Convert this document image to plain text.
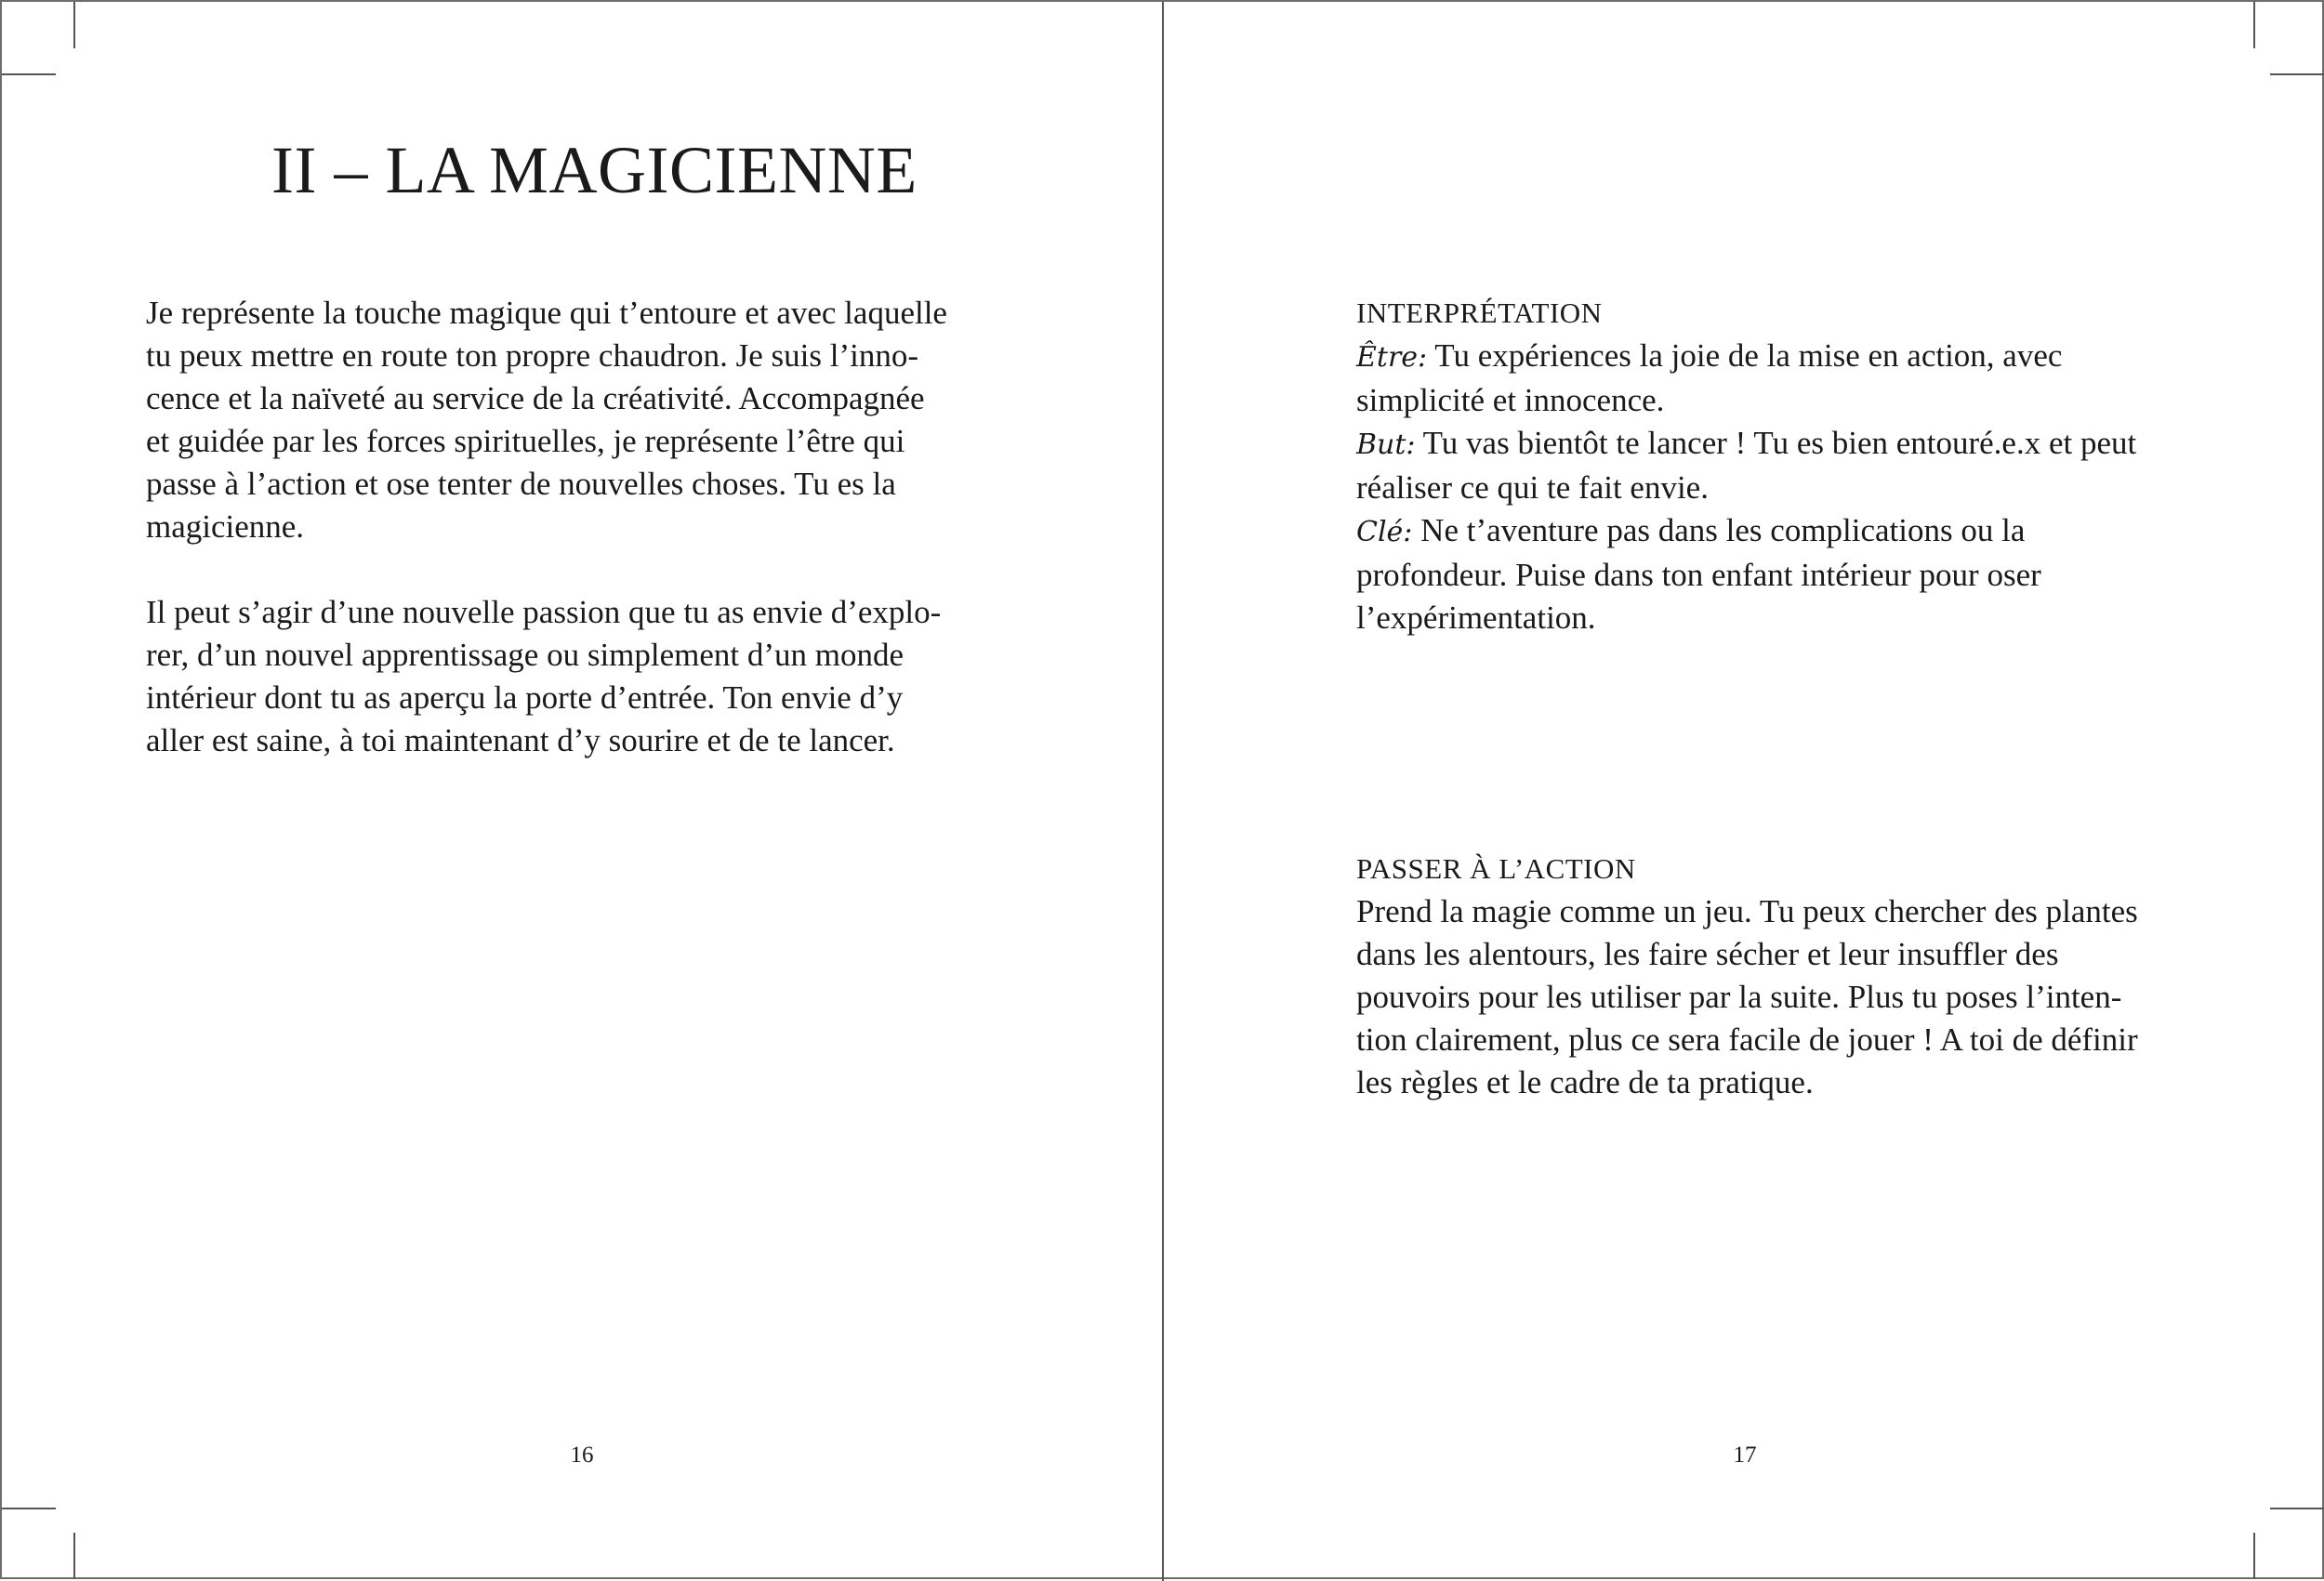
II – LA MAGICIENNE

Je représente la touche magique qui t’entoure et avec laquelle
tu peux mettre en route ton propre chaudron. Je suis l’inno-
cence et la naïveté au service de la créativité. Accompagnée
et guidée par les forces spirituelles, je représente l’être qui
passe à l’action et ose tenter de nouvelles choses. Tu es la
magicienne.

Il peut s’agir d’une nouvelle passion que tu as envie d’explo-
rer, d’un nouvel apprentissage ou simplement d’un monde
intérieur dont tu as aperçu la porte d’entrée. Ton envie d’y
aller est saine, à toi maintenant d’y sourire et de te lancer.

16	17

INTERPRÉTATION

Être: Tu expériences la joie de la mise en action, avec
simplicité et innocence.
But: Tu vas bientôt te lancer ! Tu es bien entouré.e.x et peut
réaliser ce qui te fait envie.
Clé: Ne t’aventure pas dans les complications ou la
profondeur. Puise dans ton enfant intérieur pour oser
l’expérimentation.

PASSER À L’ACTION

Prend la magie comme un jeu. Tu peux chercher des plantes
dans les alentours, les faire sécher et leur insuffler des
pouvoirs pour les utiliser par la suite. Plus tu poses l’inten-
tion clairement, plus ce sera facile de jouer ! A toi de définir
les règles et le cadre de ta pratique.
